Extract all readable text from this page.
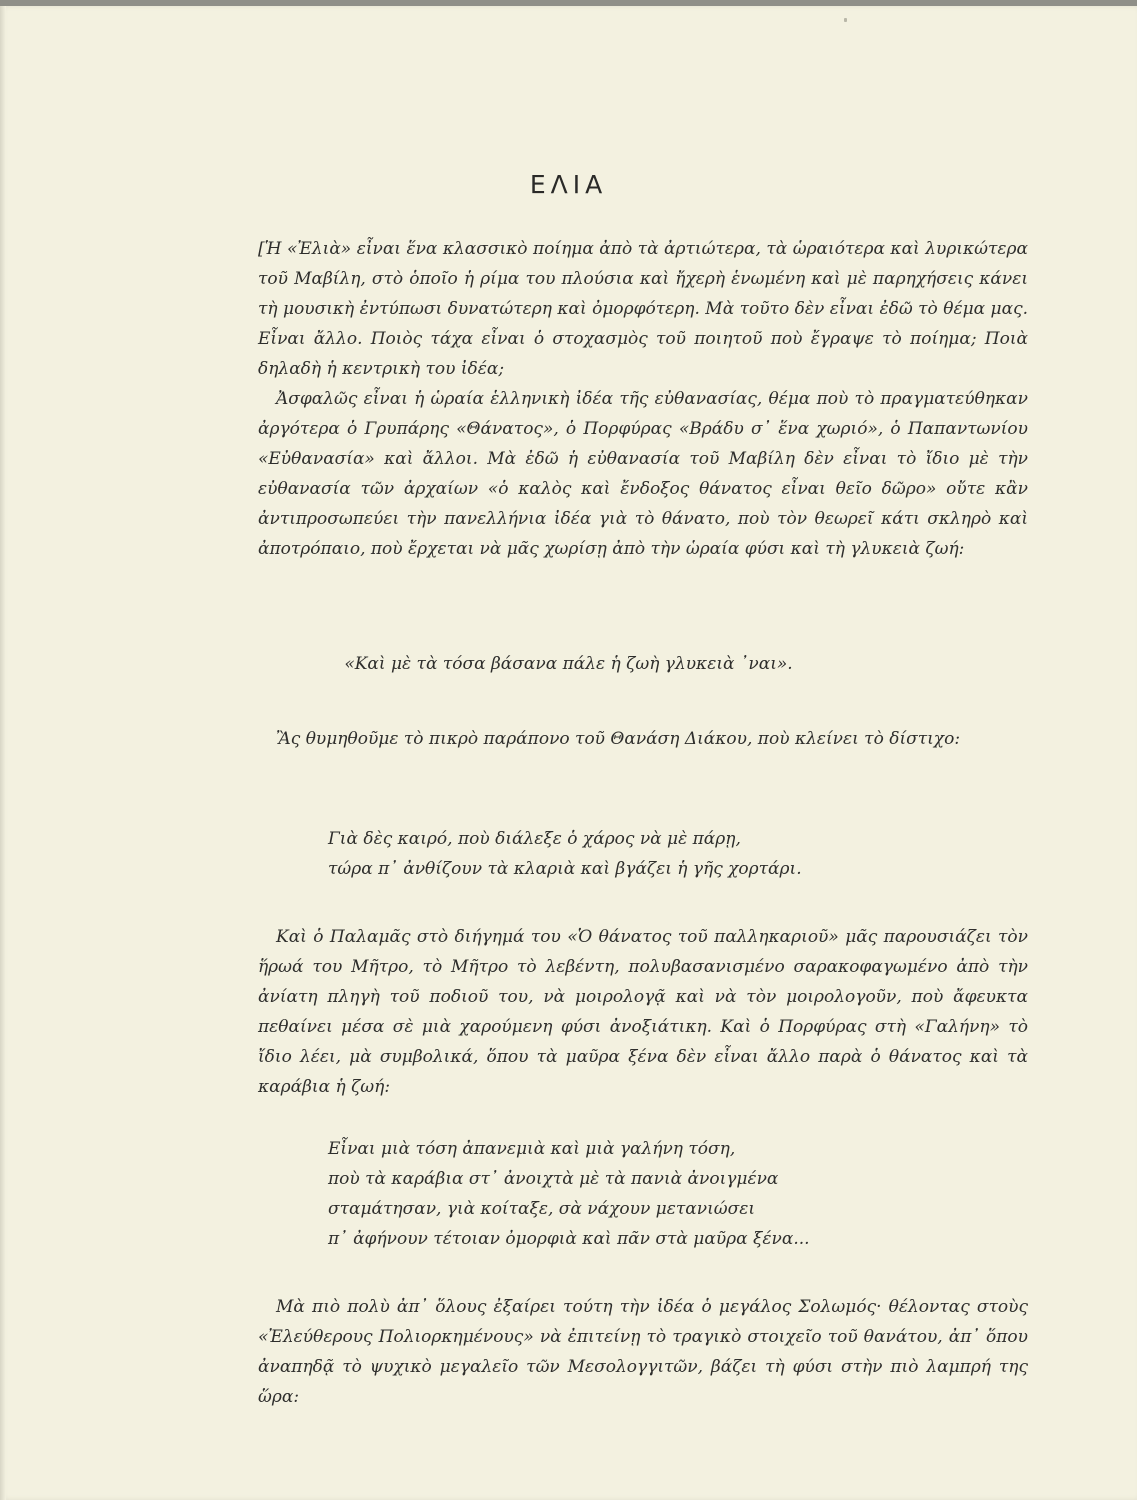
ΕΛΙΑ

[Ἡ «Ἐλιὰ» εἶναι ἕνα κλασσικὸ ποίημα ἀπὸ τὰ ἀρτιώτερα, τὰ ὡραιότερα καὶ λυρικώτερα τοῦ Μαβίλη, στὸ ὁποῖο ἡ ρίμα του πλούσια καὶ ἤχερὴ ἑνωμένη καὶ μὲ παρηχήσεις κάνει τὴ μουσικὴ ἐντύπωσι δυνατώτερη καὶ ὀμορφότερη. Μὰ τοῦτο δὲν εἶναι ἐδῶ τὸ θέμα μας. Εἶναι ἄλλο. Ποιὸς τάχα εἶναι ὁ στοχασμὸς τοῦ ποιητοῦ ποὺ ἔγραψε τὸ ποίημα; Ποιὰ δηλαδὴ ἡ κεντρικὴ του ἰδέα;

Ἀσφαλῶς εἶναι ἡ ὡραία ἑλληνικὴ ἰδέα τῆς εὐθανασίας, θέμα ποὺ τὸ πραγματεύθηκαν ἀργότερα ὁ Γρυπάρης «Θάνατος», ὁ Πορφύρας «Βράδυ σ᾽ ἕνα χωριό», ὁ Παπαντωνίου «Εὐθανασία» καὶ ἄλλοι. Μὰ ἐδῶ ἡ εὐθανασία τοῦ Μαβίλη δὲν εἶναι τὸ ἴδιο μὲ τὴν εὐθανασία τῶν ἀρχαίων «ὁ καλὸς καὶ ἔνδοξος θάνατος εἶναι θεῖο δῶρο» οὔτε κἂν ἀντιπροσωπεύει τὴν πανελλήνια ἰδέα γιὰ τὸ θάνατο, ποὺ τὸν θεωρεῖ κάτι σκληρὸ καὶ ἀποτρόπαιο, ποὺ ἔρχεται νὰ μᾶς χωρίσῃ ἀπὸ τὴν ὡραία φύσι καὶ τὴ γλυκειὰ ζωή:

«Καὶ μὲ τὰ τόσα βάσανα πάλε ἡ ζωὴ γλυκειὰ ᾿ναι».

Ἂς θυμηθοῦμε τὸ πικρὸ παράπονο τοῦ Θανάση Διάκου, ποὺ κλείνει τὸ δίστιχο:

Γιὰ δὲς καιρό, ποὺ διάλεξε ὁ χάρος νὰ μὲ πάρῃ,
τώρα π᾽ ἀνθίζουν τὰ κλαριὰ καὶ βγάζει ἡ γῆς χορτάρι.

Καὶ ὁ Παλαμᾶς στὸ διήγημά του «Ὁ θάνατος τοῦ παλληκαριοῦ» μᾶς παρουσιάζει τὸν ἥρωά του Μῆτρο, τὸ Μῆτρο τὸ λεβέντη, πολυβασανισμένο σαρακοφαγωμένο ἀπὸ τὴν ἀνίατη πληγὴ τοῦ ποδιοῦ του, νὰ μοιρολογᾷ καὶ νὰ τὸν μοιρολογοῦν, ποὺ ἄφευκτα πεθαίνει μέσα σὲ μιὰ χαρούμενη φύσι ἀνοξιάτικη. Καὶ ὁ Πορφύρας στὴ «Γαλήνη» τὸ ἴδιο λέει, μὰ συμβολικά, ὅπου τὰ μαῦρα ξένα δὲν εἶναι ἄλλο παρὰ ὁ θάνατος καὶ τὰ καράβια ἡ ζωή:

Εἶναι μιὰ τόση ἀπανεμιὰ καὶ μιὰ γαλήνη τόση,
ποὺ τὰ καράβια στ᾽ ἀνοιχτὰ μὲ τὰ πανιὰ ἀνοιγμένα
σταμάτησαν, γιὰ κοίταξε, σὰ νάχουν μετανιώσει
π᾽ ἀφήνουν τέτοιαν ὀμορφιὰ καὶ πᾶν στὰ μαῦρα ξένα...

Μὰ πιὸ πολὺ ἀπ᾽ ὅλους ἐξαίρει τούτη τὴν ἰδέα ὁ μεγάλος Σολωμός· θέλοντας στοὺς «Ἐλεύθερους Πολιορκημένους» νὰ ἐπιτείνῃ τὸ τραγικὸ στοιχεῖο τοῦ θανάτου, ἀπ᾽ ὅπου ἀναπηδᾷ τὸ ψυχικὸ μεγαλεῖο τῶν Μεσολογγιτῶν, βάζει τὴ φύσι στὴν πιὸ λαμπρή της ὥρα:
